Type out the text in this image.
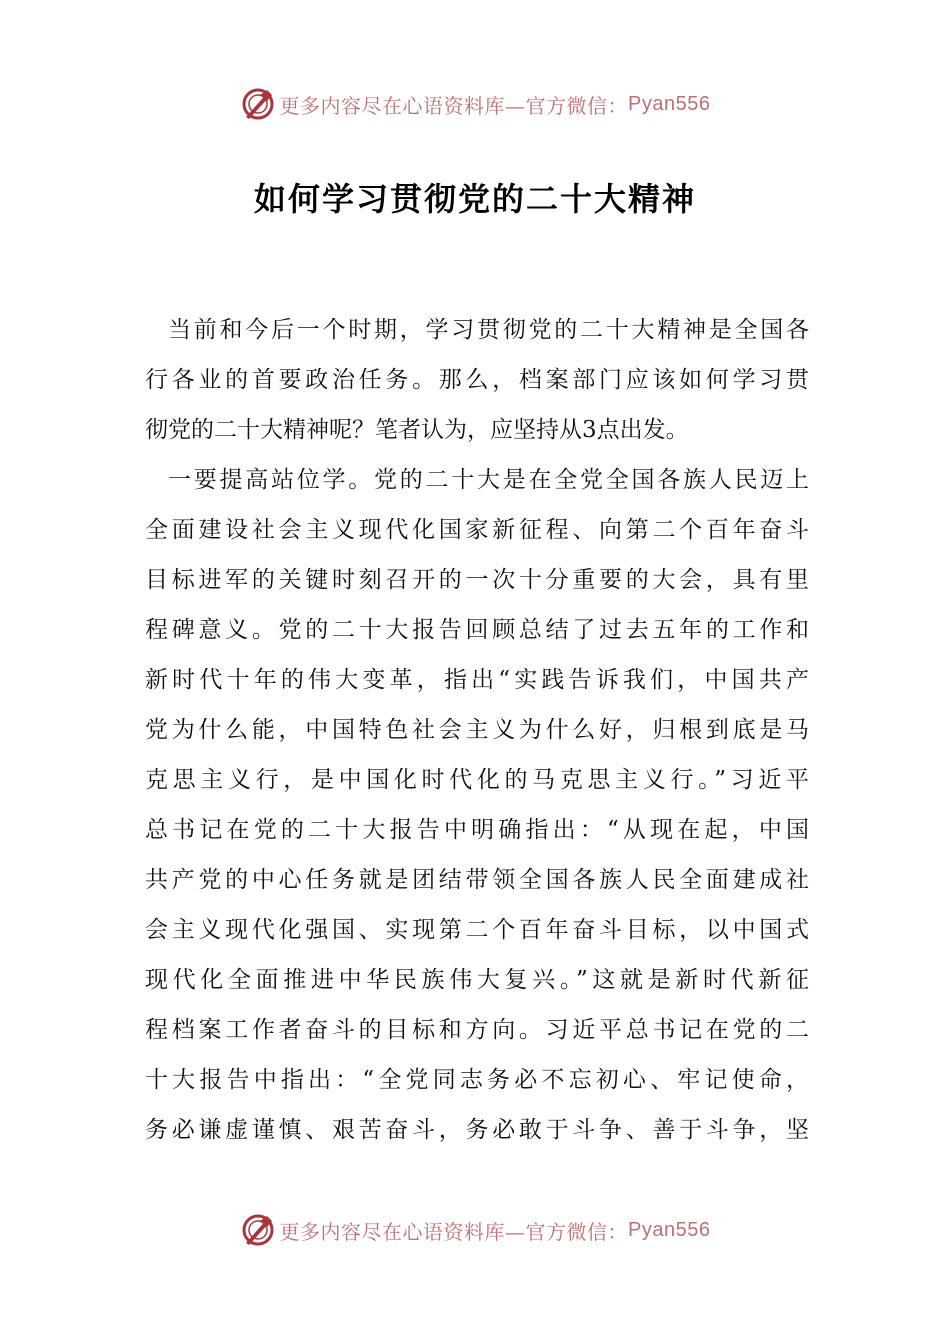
更多内容尽在心语资料库—官方微信： Pyan556
如何学习贯彻党的二十大精神
当前和今后一个时期，学习贯彻党的二十大精神是全国各
行各业的首要政治任务。那么，档案部门应该如何学习贯
彻党的二十大精神呢？笔者认为，应坚持从3点出发。
一要提高站位学。党的二十大是在全党全国各族人民迈上
全面建设社会主义现代化国家新征程、向第二个百年奋斗
目标进军的关键时刻召开的一次十分重要的大会，具有里
程碑意义。党的二十大报告回顾总结了过去五年的工作和
新时代十年的伟大变革，指出“实践告诉我们，中国共产
党为什么能，中国特色社会主义为什么好，归根到底是马
克思主义行，是中国化时代化的马克思主义行。”习近平
总书记在党的二十大报告中明确指出：“从现在起，中国
共产党的中心任务就是团结带领全国各族人民全面建成社
会主义现代化强国、实现第二个百年奋斗目标，以中国式
现代化全面推进中华民族伟大复兴。”这就是新时代新征
程档案工作者奋斗的目标和方向。习近平总书记在党的二
十大报告中指出：“全党同志务必不忘初心、牢记使命，
务必谦虚谨慎、艰苦奋斗，务必敢于斗争、善于斗争，坚
更多内容尽在心语资料库—官方微信： Pyan556
